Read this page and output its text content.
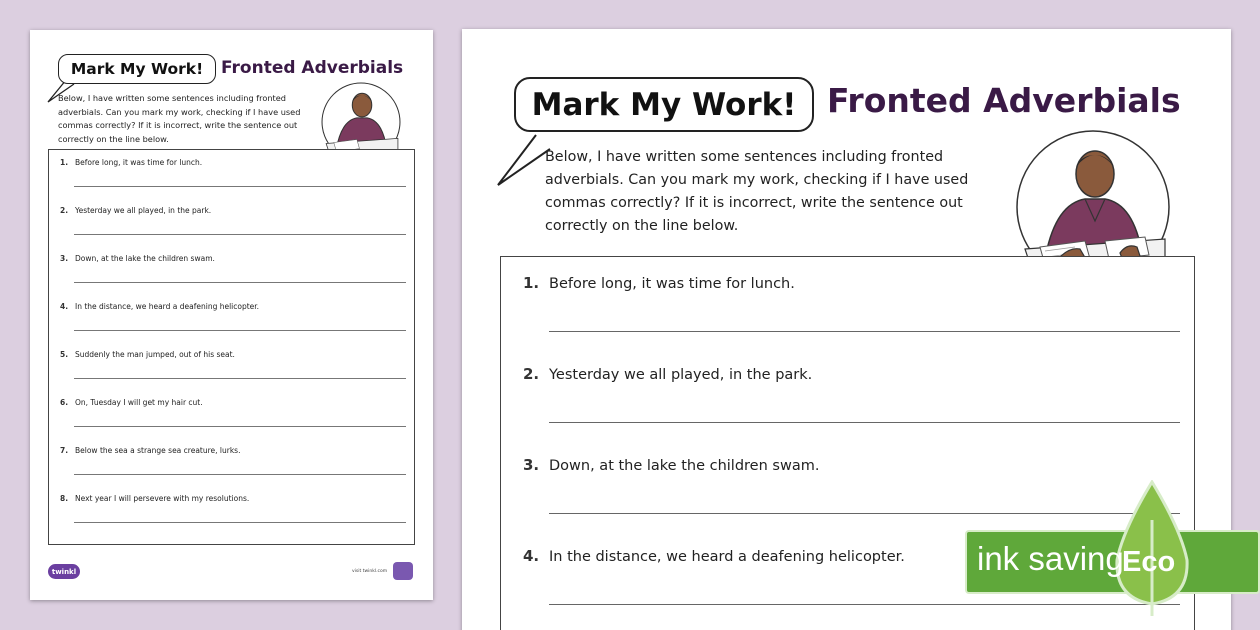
Mark My Work!	Fronted Adverbials
Below, I have written some sentences including fronted adverbials. Can you mark my work, checking if I have used commas correctly? If it is incorrect, write the sentence out correctly on the line below.
1. Before long, it was time for lunch.
2. Yesterday we all played, in the park.
3. Down, at the lake the children swam.
4. In the distance, we heard a deafening helicopter.
5. Suddenly the man jumped, out of his seat.
6. On, Tuesday I will get my hair cut.
7. Below the sea a strange sea creature, lurks.
8. Next year I will persevere with my resolutions.
twinkl	visit twinkl.com
Mark My Work! Fronted Adverbials
Below, I have written some sentences including fronted adverbials. Can you mark my work, checking if I have used commas correctly? If it is incorrect, write the sentence out correctly on the line below.
1. Before long, it was time for lunch.
2. Yesterday we all played, in the park.
3. Down, at the lake the children swam.
4. In the distance, we heard a deafening helicopter. ink saving
Eco
